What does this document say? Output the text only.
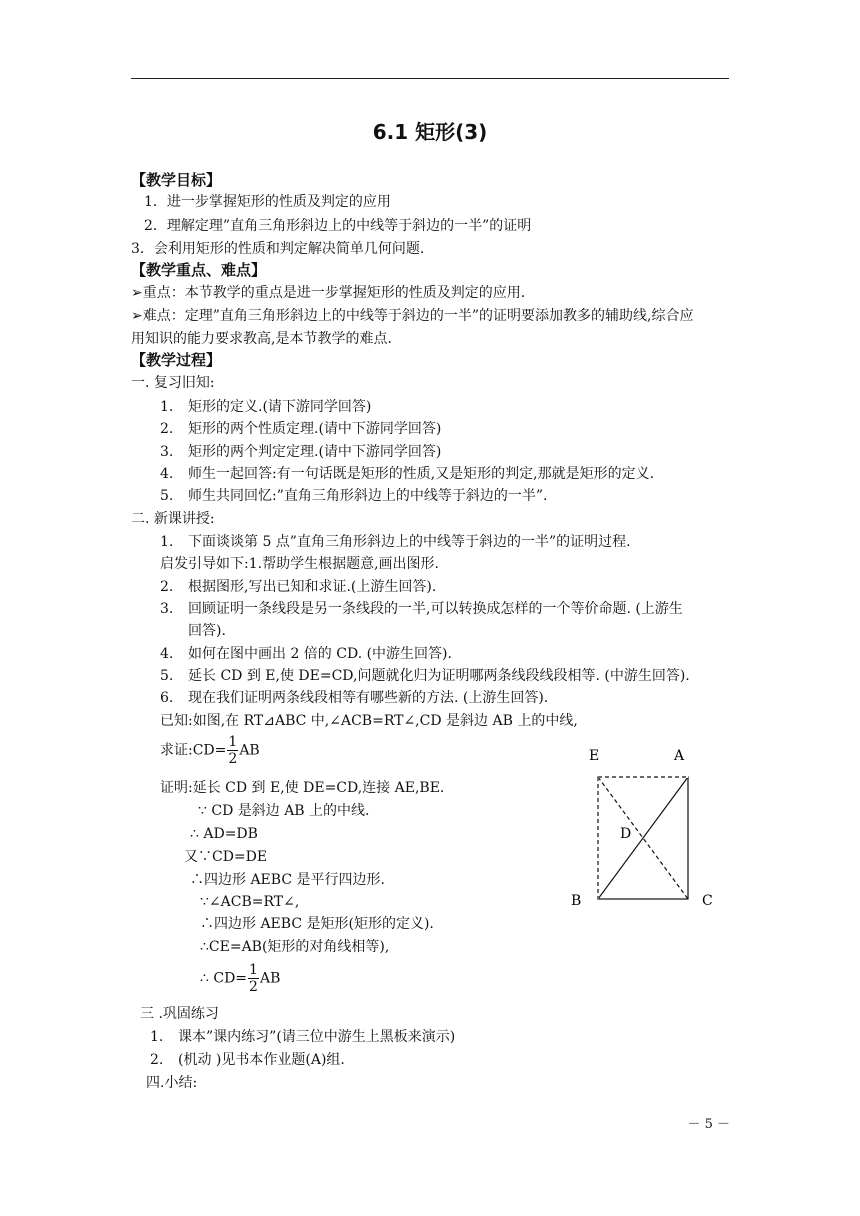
6.1 矩形(3)
【教学目标】
1．进一步掌握矩形的性质及判定的应用
2．理解定理”直角三角形斜边上的中线等于斜边的一半”的证明
3．会利用矩形的性质和判定解决简单几何问题.
【教学重点、难点】
➢重点：本节教学的重点是进一步掌握矩形的性质及判定的应用．
➢难点：定理”直角三角形斜边上的中线等于斜边的一半”的证明要添加教多的辅助线,综合应
用知识的能力要求教高,是本节教学的难点．
【教学过程】
一. 复习旧知:
1. 矩形的定义.(请下游同学回答)
2. 矩形的两个性质定理.(请中下游同学回答)
3. 矩形的两个判定定理.(请中下游同学回答)
4. 师生一起回答:有一句话既是矩形的性质,又是矩形的判定,那就是矩形的定义.
5. 师生共同回忆:”直角三角形斜边上的中线等于斜边的一半”.
二. 新课讲授:
1. 下面谈谈第 5 点”直角三角形斜边上的中线等于斜边的一半”的证明过程.
启发引导如下:1.帮助学生根据题意,画出图形.
2. 根据图形,写出已知和求证.(上游生回答).
3. 回顾证明一条线段是另一条线段的一半,可以转换成怎样的一个等价命题. (上游生
回答).
4. 如何在图中画出 2 倍的 CD. (中游生回答).
5. 延长 CD 到 E,使 DE=CD,问题就化归为证明哪两条线段线段相等. (中游生回答).
6. 现在我们证明两条线段相等有哪些新的方法. (上游生回答).
已知:如图,在 RT⊿ABC 中,∠ACB=RT∠,CD 是斜边 AB 上的中线,
求证:CD= $\frac{1}{2}$ AB
证明:延长 CD 到 E,使 DE=CD,连接 AE,BE.
∵ CD 是斜边 AB 上的中线.
∴ AD=DB
又∵CD=DE
∴四边形 AEBC 是平行四边形.
∵∠ACB=RT∠,
∴四边形 AEBC 是矩形(矩形的定义).
∴CE=AB(矩形的对角线相等),
∴ $CD= \frac{1}{2}$ AB
E	A
D
B	C
三 .巩固练习
1. 课本”课内练习”(请三位中游生上黑板来演示)
2. (机动 )见书本作业题(A)组.
四.小结:
－ 5 －
